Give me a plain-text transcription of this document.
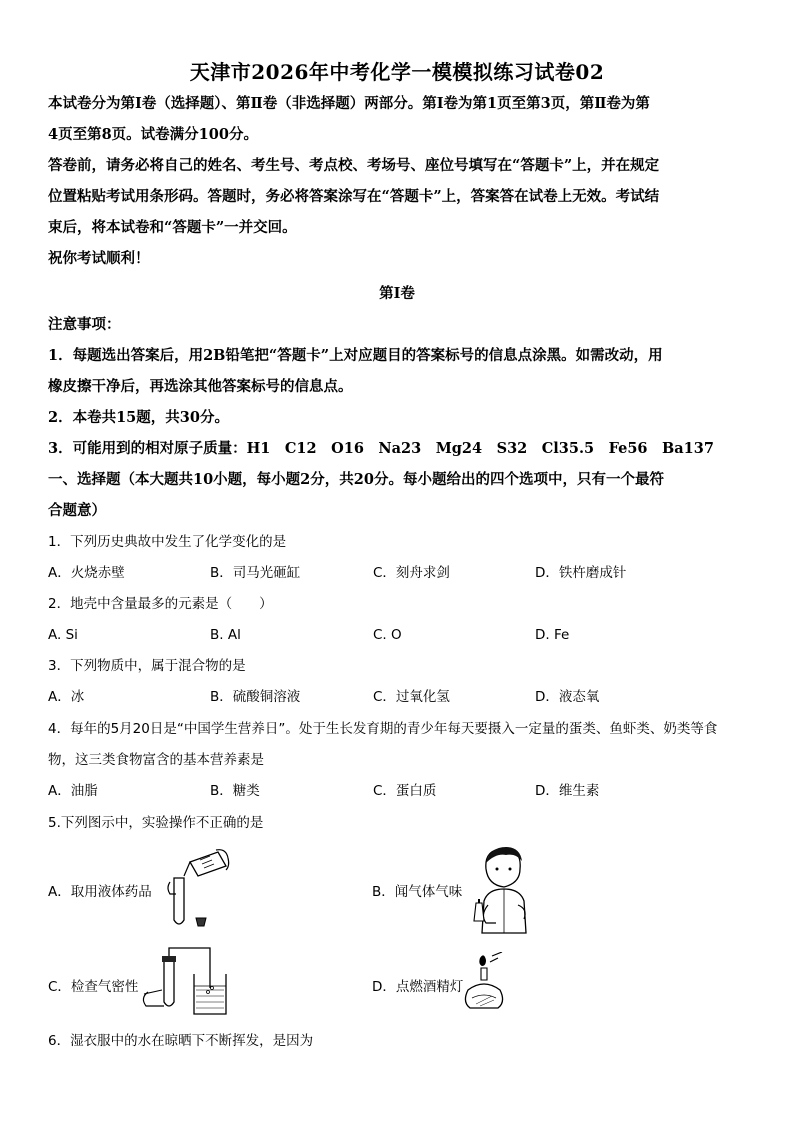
天津市2026年中考化学一模模拟练习试卷02
本试卷分为第Ⅰ卷（选择题）、第Ⅱ卷（非选择题）两部分。第Ⅰ卷为第1页至第3页，第Ⅱ卷为第
4页至第8页。试卷满分100分。
答卷前，请务必将自己的姓名、考生号、考点校、考场号、座位号填写在“答题卡”上，并在规定
位置粘贴考试用条形码。答题时，务必将答案涂写在“答题卡”上，答案答在试卷上无效。考试结
束后，将本试卷和“答题卡”一并交回。
祝你考试顺利！
第Ⅰ卷
注意事项：
1．每题选出答案后，用2B铅笔把“答题卡”上对应题目的答案标号的信息点涂黑。如需改动，用
橡皮擦干净后，再选涂其他答案标号的信息点。
2．本卷共15题，共30分。
3．可能用到的相对原子质量：H1　C12　O16　Na23　Mg24　S32　Cl35.5　Fe56　Ba137
一、选择题（本大题共10小题，每小题2分，共20分。每小题给出的四个选项中，只有一个最符
合题意）
1．下列历史典故中发生了化学变化的是
A．火烧赤壁	B．司马光砸缸	C．刻舟求剑	D．铁杵磨成针
2．地壳中含量最多的元素是（　　）
A. Si	B. Al	C. O	D. Fe
3．下列物质中，属于混合物的是
A．冰	B．硫酸铜溶液	C．过氧化氢	D．液态氧
4．每年的5月20日是“中国学生营养日”。处于生长发育期的青少年每天要摄入一定量的蛋类、鱼虾类、奶类等食
物，这三类食物富含的基本营养素是
A．油脂	B．糖类	C．蛋白质	D．维生素
5.下列图示中，实验操作不正确的是
A．取用液体药品	B．闻气体气味
C．检查气密性	D．点燃酒精灯
6．湿衣服中的水在晾晒下不断挥发，是因为
